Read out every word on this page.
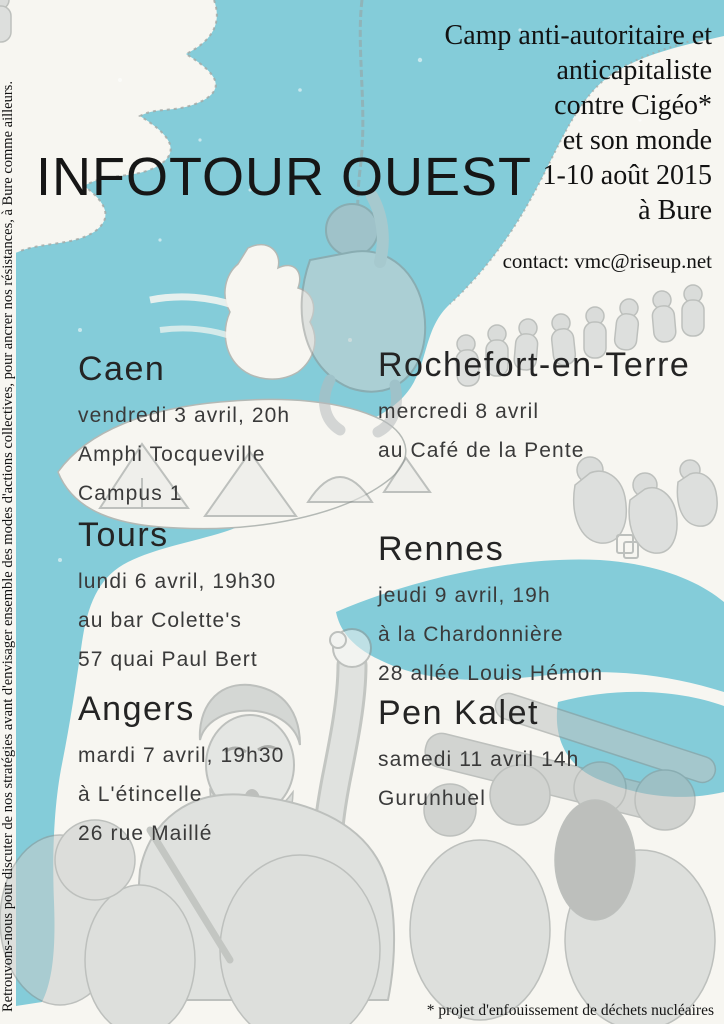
INFOTOUR OUEST
Camp anti-autoritaire et
anticapitaliste
contre Cigéo*
et son monde
1-10 août 2015
à Bure
contact: vmc@riseup.net
Retrouvons-nous pour discuter de nos stratégies avant d'envisager ensemble des modes d'actions collectives, pour ancrer nos résistances, à Bure comme ailleurs. Caen
vendredi 3 avril, 20h
Amphi Tocqueville
Campus 1
Rochefort-en-Terre
mercredi 8 avril
au Café de la Pente
Tours
lundi 6 avril, 19h30
au bar Colette's
57 quai Paul Bert
Rennes
jeudi 9 avril, 19h
à la Chardonnière
28 allée Louis Hémon
Angers
mardi 7 avril, 19h30
à L'étincelle
26 rue Maillé
Pen Kalet
samedi 11 avril 14h
Gurunhuel
* projet d'enfouissement de déchets nucléaires
